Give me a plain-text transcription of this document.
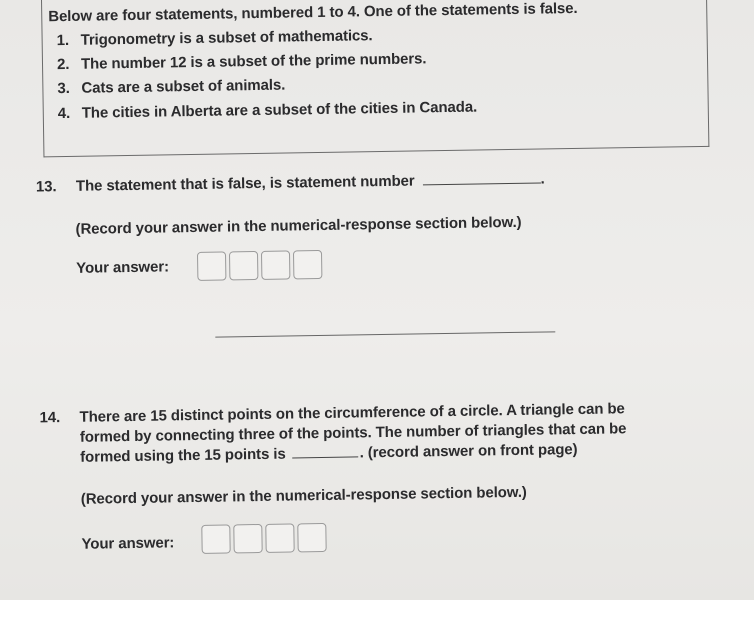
Below are four statements, numbered 1 to 4. One of the statements is false.
1. Trigonometry is a subset of mathematics.
2. The number 12 is a subset of the prime numbers.
3. Cats are a subset of animals.
4. The cities in Alberta are a subset of the cities in Canada.
13. The statement that is false, is statement number	.
(Record your answer in the numerical-response section below.)
Your answer:
14. There are 15 distinct points on the circumference of a circle. A triangle can be
formed by connecting three of the points. The number of triangles that can be
formed using the 15 points is	. (record answer on front page)
(Record your answer in the numerical-response section below.)
Your answer:
